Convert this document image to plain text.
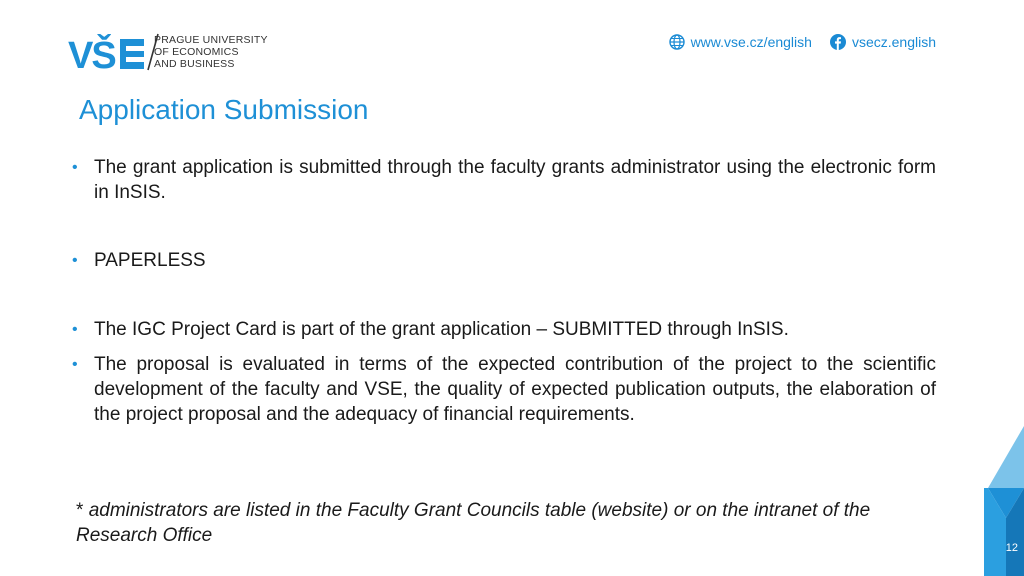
VŠ	PRAGUE UNIVERSITY
OF ECONOMICS
AND BUSINESS
www.vse.cz/english	vsecz.english
Application Submission
• The grant application is submitted through the faculty grants administrator using the electronic form in InSIS.
• PAPERLESS
• The IGC Project Card is part of the grant application – SUBMITTED through InSIS.
• The proposal is evaluated in terms of the expected contribution of the project to the scientific development of the faculty and VSE, the quality of expected publication outputs, the elaboration of the project proposal and the adequacy of financial requirements.
* administrators are listed in the Faculty Grant Councils table (website) or on the intranet of the Research Office
12
